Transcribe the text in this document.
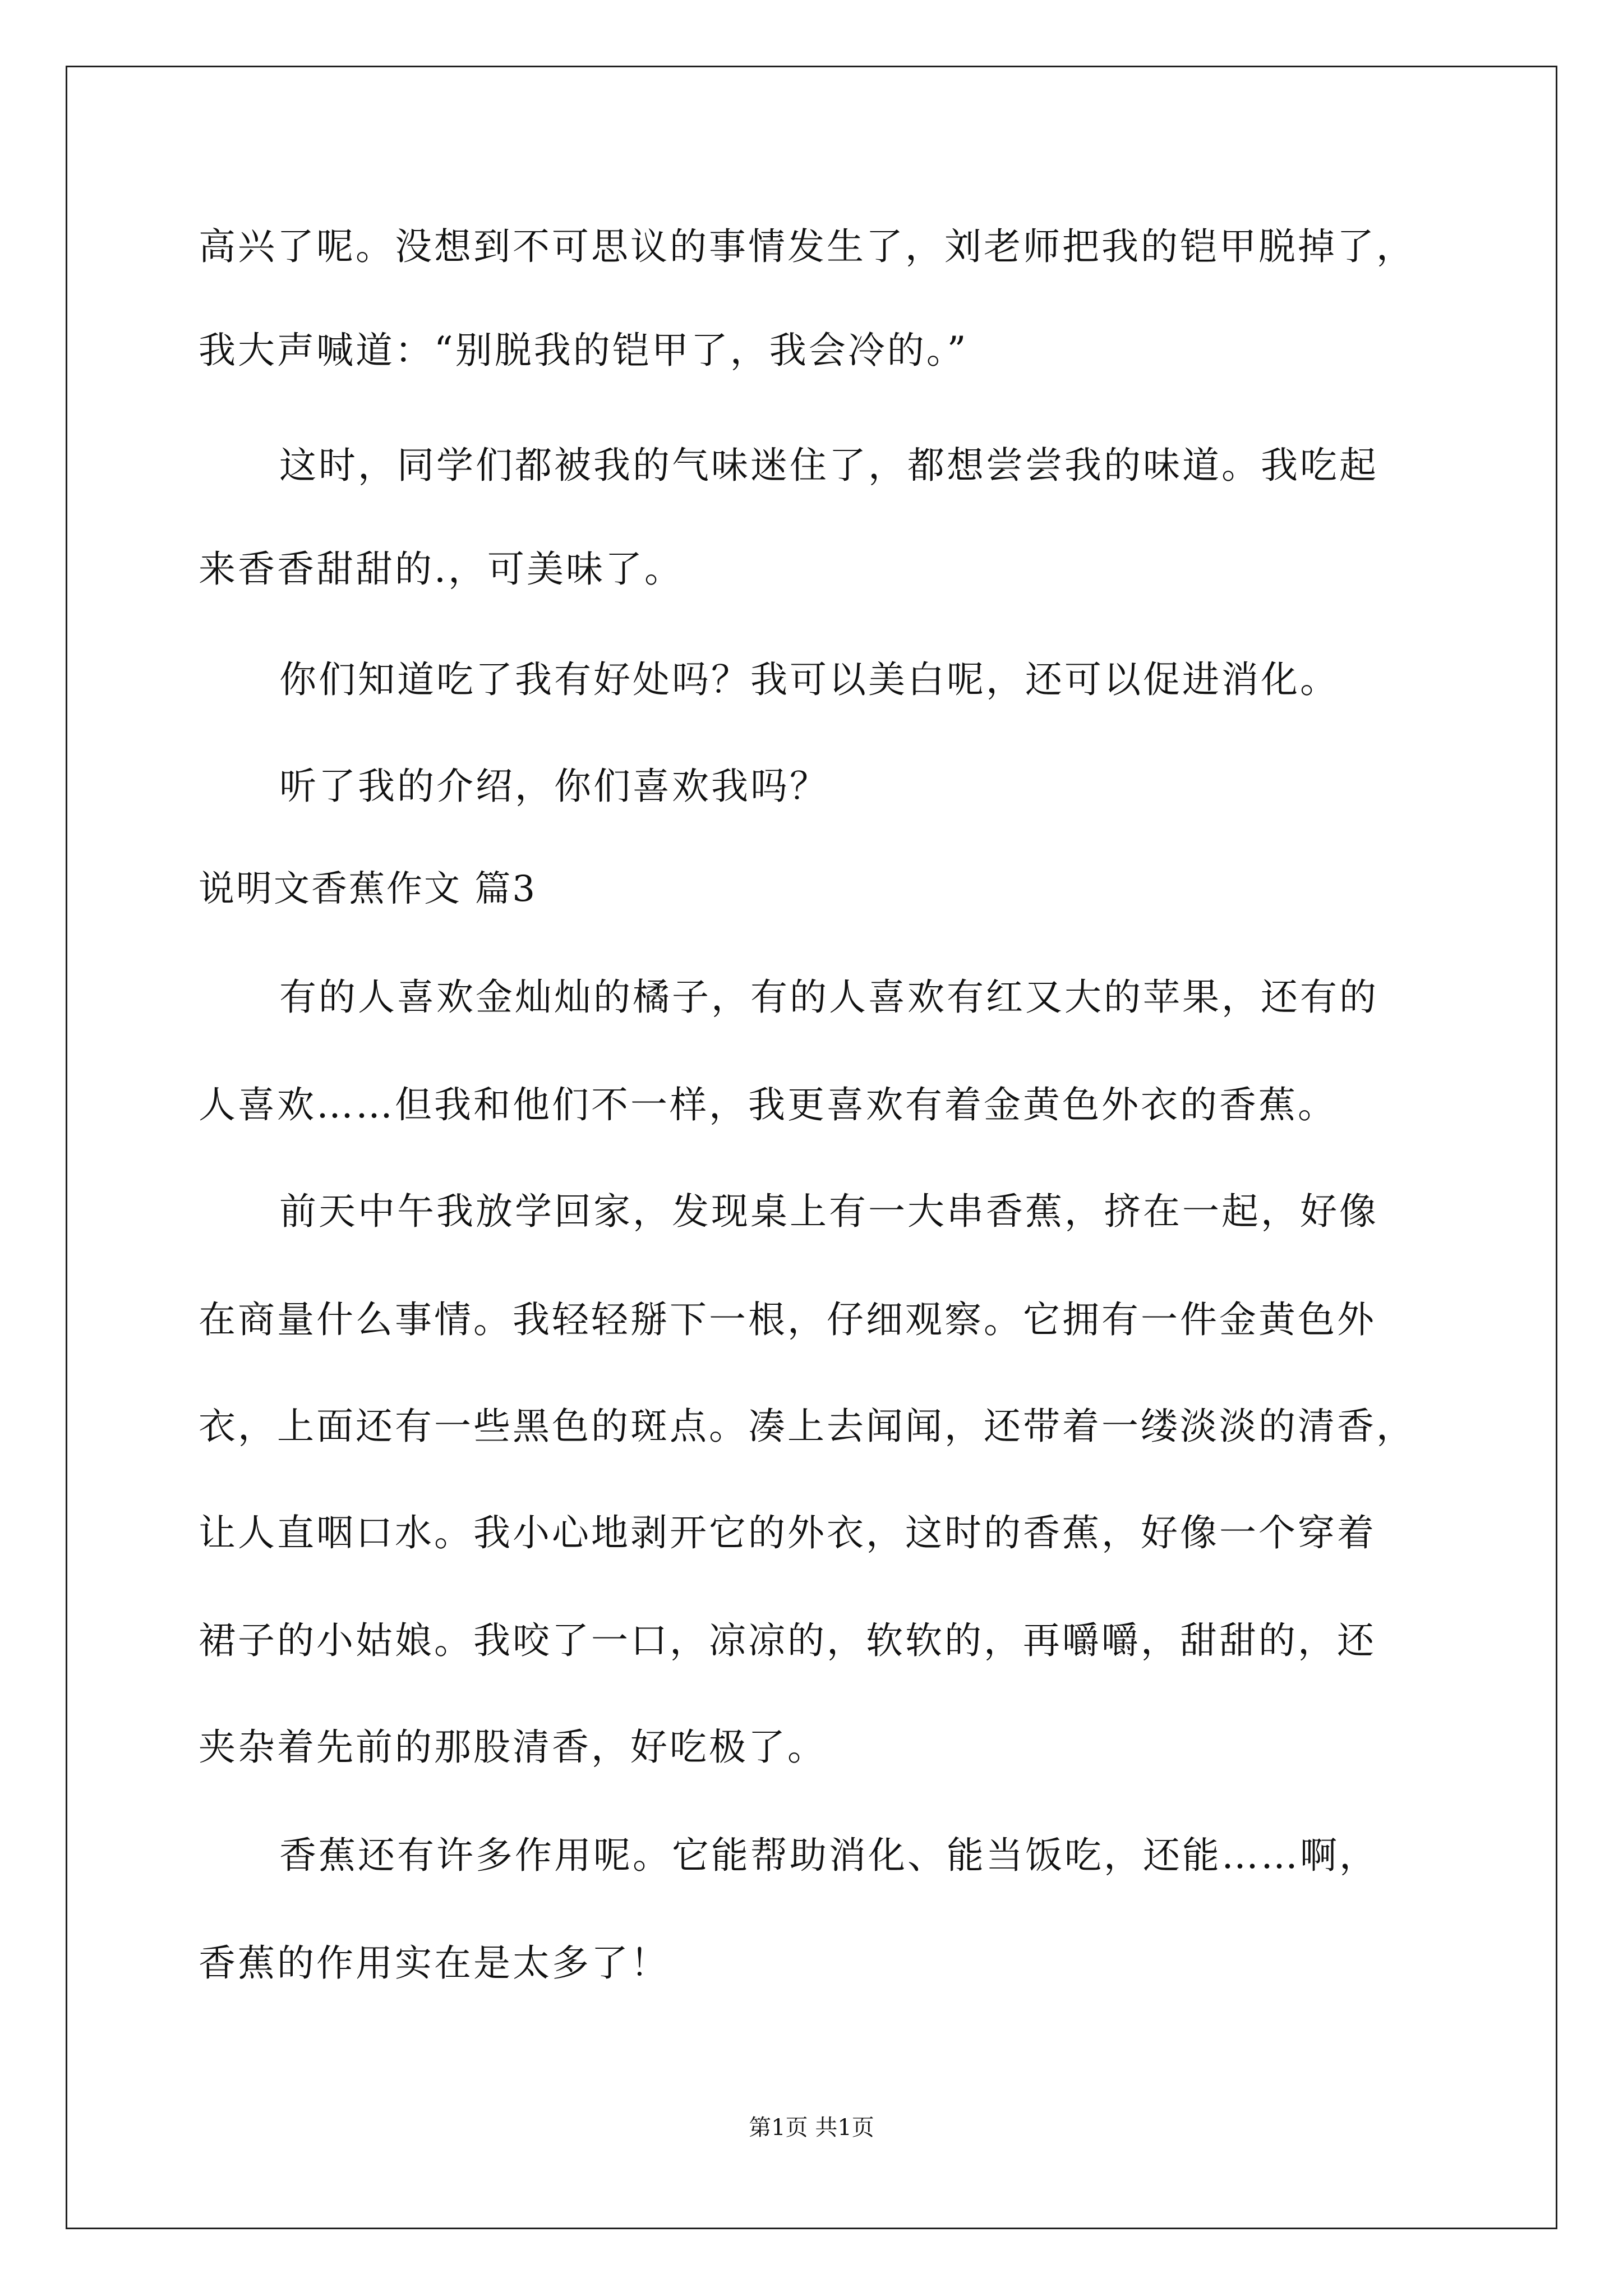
高兴了呢。没想到不可思议的事情发生了，刘老师把我的铠甲脱掉了，
我大声喊道：“别脱我的铠甲了，我会冷的。”
这时，同学们都被我的气味迷住了，都想尝尝我的味道。我吃起
来香香甜甜的.，可美味了。
你们知道吃了我有好处吗？我可以美白呢，还可以促进消化。
听了我的介绍，你们喜欢我吗？
说明文香蕉作文 篇3
有的人喜欢金灿灿的橘子，有的人喜欢有红又大的苹果，还有的
人喜欢……但我和他们不一样，我更喜欢有着金黄色外衣的香蕉。
前天中午我放学回家，发现桌上有一大串香蕉，挤在一起，好像
在商量什么事情。我轻轻掰下一根，仔细观察。它拥有一件金黄色外
衣，上面还有一些黑色的斑点。凑上去闻闻，还带着一缕淡淡的清香，
让人直咽口水。我小心地剥开它的外衣，这时的香蕉，好像一个穿着
裙子的小姑娘。我咬了一口，凉凉的，软软的，再嚼嚼，甜甜的，还
夹杂着先前的那股清香，好吃极了。
香蕉还有许多作用呢。它能帮助消化、能当饭吃，还能……啊，
香蕉的作用实在是太多了！
第1页 共1页
